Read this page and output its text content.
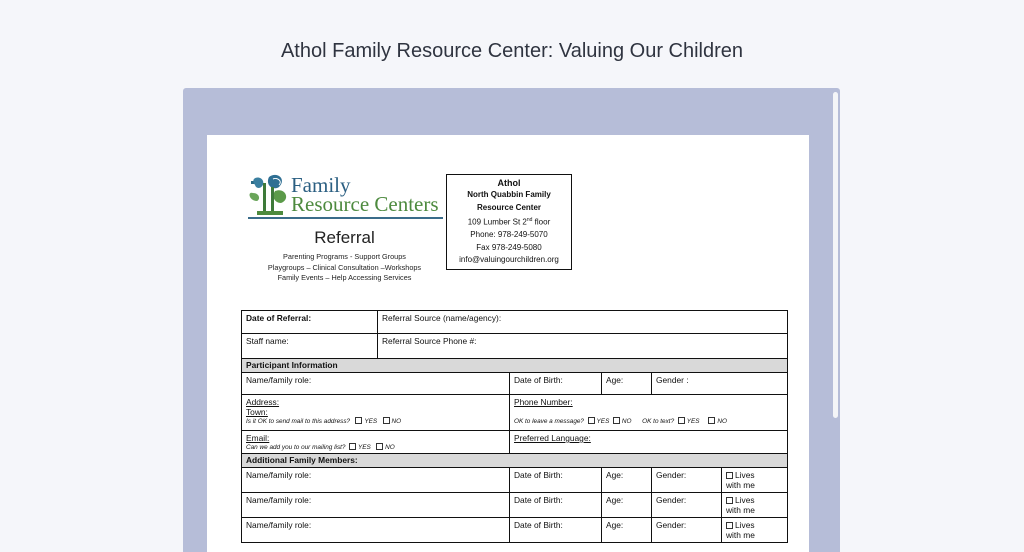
Athol Family Resource Center: Valuing Our Children
Family
Resource Centers
Referral
Parenting Programs - Support Groups
Playgroups – Clinical Consultation –Workshops
Family Events – Help Accessing Services
Athol
North Quabbin Family
Resource Center
109 Lumber St 2nd floor
Phone: 978-249-5070
Fax 978-249-5080
info@valuingourchildren.org
Date of Referral:	Referral Source (name/agency):				
Staff name:	Referral Source Phone #:				
Participant Information					
Name/family role:		Date of Birth:	Age:	Gender :	

Address:
Town:
Is it OK to send mail to this address? YES NO		Phone Number:

OK to leave a message? YES NO OK to text? YES NO			

Email:
Can we add you to our mailing list? YES NO		Preferred Language:			

Additional Family Members:					
Name/family role:		Date of Birth:	Age:	Gender:	Lives
with me

Name/family role:		Date of Birth:	Age:	Gender:	Lives
with me

Name/family role:		Date of Birth:	Age:	Gender:	Lives
with me
